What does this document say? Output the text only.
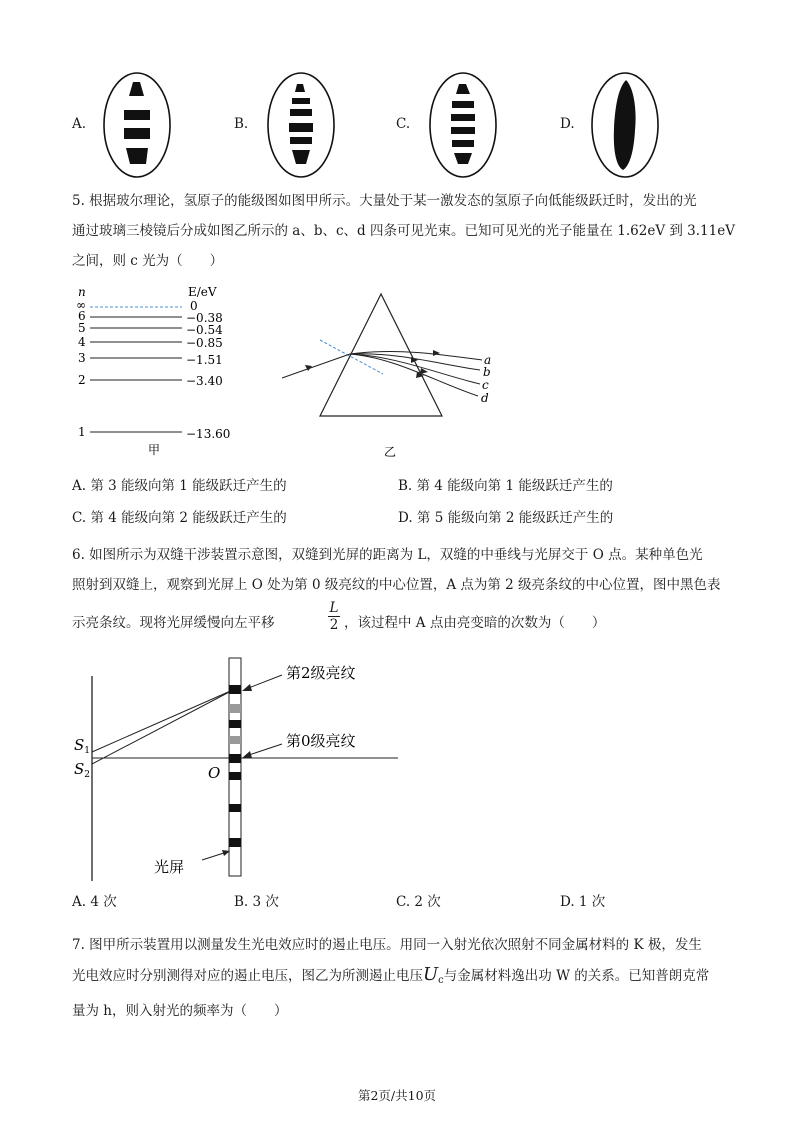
A.	B.	C.	D.
5. 根据玻尔理论，氢原子的能级图如图甲所示。大量处于某一激发态的氢原子向低能级跃迁时，发出的光
通过玻璃三棱镜后分成如图乙所示的 a、b、c、d 四条可见光束。已知可见光的光子能量在 1.62eV 到 3.11eV
之间，则 c 光为（　　）
n	E/eV
∞	0
6	−0.38
5	−0.54
4	−0.85
3	−1.51
2	−3.40
1	−13.60
甲
a
b
c
d
乙
A. 第 3 能级向第 1 能级跃迁产生的	B. 第 4 能级向第 1 能级跃迁产生的
C. 第 4 能级向第 2 能级跃迁产生的	D. 第 5 能级向第 2 能级跃迁产生的
6. 如图所示为双缝干涉装置示意图，双缝到光屏的距离为 L，双缝的中垂线与光屏交于 O 点。某种单色光
照射到双缝上，观察到光屏上 O 处为第 0 级亮纹的中心位置，A 点为第 2 级亮条纹的中心位置，图中黑色表
示亮条纹。现将光屏缓慢向左平移	$\frac{L}{2}$ ，该过程中 A 点由亮变暗的次数为（　　）
第2级亮纹
第0级亮纹
$S_1$
$S_2$	O
光屏
A. 4 次	B. 3 次	C. 2 次	D. 1 次
7. 图甲所示装置用以测量发生光电效应时的遏止电压。用同一入射光依次照射不同金属材料的 K 极，发生
光电效应时分别测得对应的遏止电压，图乙为所测遏止电压$U_c$与金属材料逸出功 W 的关系。已知普朗克常
量为 h，则入射光的频率为（　　）
第2页/共10页
